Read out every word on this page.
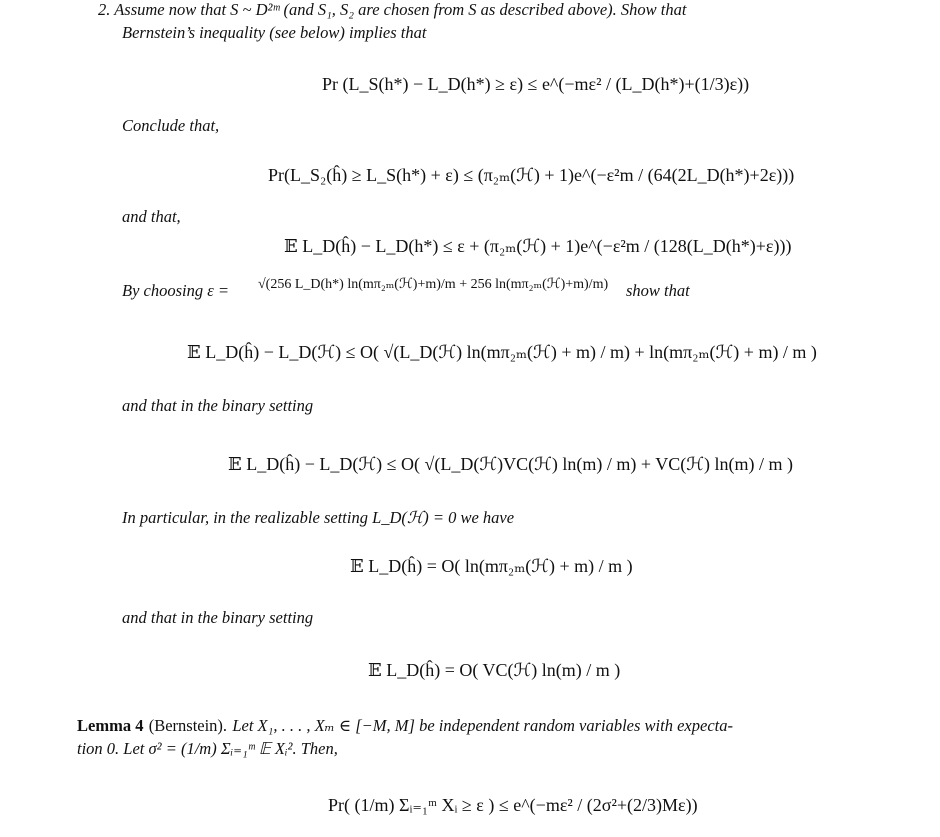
2. Assume now that S ~ D²ᵐ (and S₁, S₂ are chosen from S as described above). Show that
Bernstein’s inequality (see below) implies that
Pr (L_S(h*) − L_D(h*) ≥ ε) ≤ e^(−mε² / (L_D(h*)+(1/3)ε))
Conclude that,
Pr(L_S₂(ĥ) ≥ L_S(h*) + ε) ≤ (π₂ₘ(ℋ) + 1)e^(−ε²m / (64(2L_D(h*)+2ε)))
and that,
𝔼 L_D(ĥ) − L_D(h*) ≤ ε + (π₂ₘ(ℋ) + 1)e^(−ε²m / (128(L_D(h*)+ε)))
By choosing ε = √(256 L_D(h*) ln(mπ₂ₘ(ℋ)+m)/m + 256 ln(mπ₂ₘ(ℋ)+m)/m) show that
𝔼 L_D(ĥ) − L_D(ℋ) ≤ O( √(L_D(ℋ) ln(mπ₂ₘ(ℋ) + m) / m) + ln(mπ₂ₘ(ℋ) + m) / m )
and that in the binary setting
𝔼 L_D(ĥ) − L_D(ℋ) ≤ O( √(L_D(ℋ)VC(ℋ) ln(m) / m) + VC(ℋ) ln(m) / m )
In particular, in the realizable setting L_D(ℋ) = 0 we have
𝔼 L_D(ĥ) = O( ln(mπ₂ₘ(ℋ) + m) / m )
and that in the binary setting
𝔼 L_D(ĥ) = O( VC(ℋ) ln(m) / m )
Lemma 4 (Bernstein). Let X₁, . . . , Xₘ ∈ [−M, M] be independent random variables with expecta-
tion 0. Let σ² = (1/m) Σᵢ₌₁ᵐ 𝔼 Xᵢ². Then,
Pr( (1/m) Σᵢ₌₁ᵐ Xᵢ ≥ ε ) ≤ e^(−mε² / (2σ²+(2/3)Mε))
